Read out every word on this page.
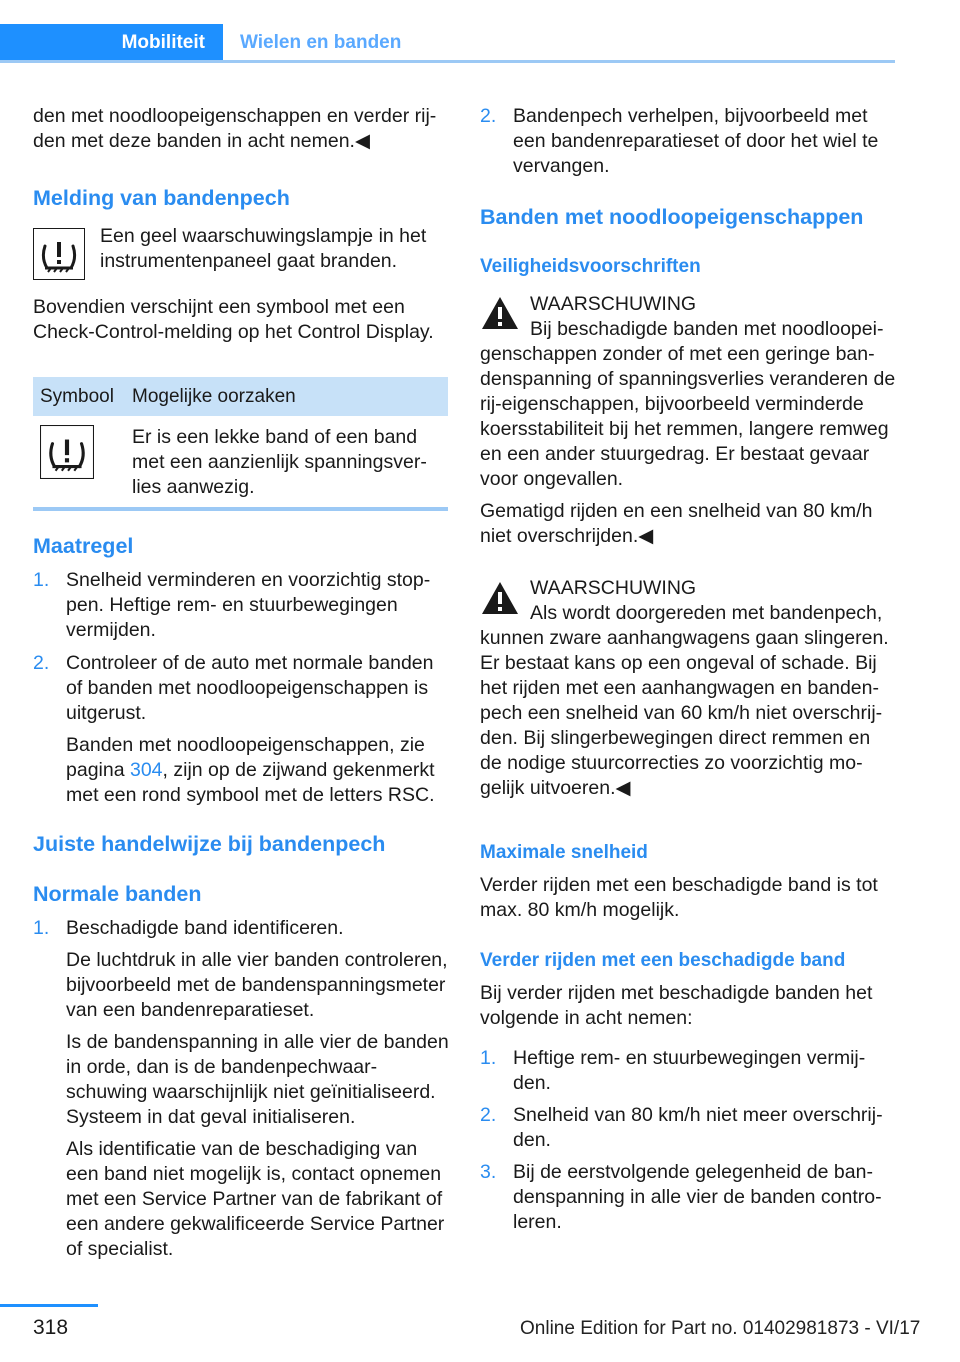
Mobiliteit	Wielen en banden

den met noodloopeigenschappen en verder rijden met deze banden in acht nemen.◀

Melding van bandenpech

Een geel waarschuwingslampje in het instrumentenpaneel gaat branden.

Bovendien verschijnt een symbool met een Check-Control-melding op het Control Display.

Symbool Mogelijke oorzaken

Er is een lekke band of een band met een aanzienlijk spanningsverlies aanwezig.

Maatregel
1. Snelheid verminderen en voorzichtig stoppen. Heftige rem- en stuurbewegingen vermijden.
2. Controleer of de auto met normale banden of banden met noodloopeigenschappen is uitgerust.
Banden met noodloopeigenschappen, zie pagina 304, zijn op de zijwand gekenmerkt met een rond symbool met de letters RSC.
Juiste handelwijze bij bandenpech
Normale banden
1. Beschadigde band identificeren.

De luchtdruk in alle vier banden controleren, bijvoorbeeld met de bandenspanningsmeter van een bandenreparatieset.

Is de bandenspanning in alle vier de banden in orde, dan is de bandenpechwaarschuwing waarschijnlijk niet geïnitialiseerd. Systeem in dat geval initialiseren.

Als identificatie van de beschadiging van een band niet mogelijk is, contact opnemen met een Service Partner van de fabrikant of een andere gekwalificeerde Service Partner of specialist.

2. Bandenpech verhelpen, bijvoorbeeld met een bandenreparatieset of door het wiel te vervangen.
Banden met noodloopeigenschappen
Veiligheidsvoorschriften
WAARSCHUWING

Bij beschadigde banden met noodloopeigenschappen zonder of met een geringe bandenspanning of spanningsverlies veranderen de rij-eigenschappen, bijvoorbeeld verminderde koersstabiliteit bij het remmen, langere remweg en een ander stuurgedrag. Er bestaat gevaar voor ongevallen.

Gematigd rijden en een snelheid van 80 km/h niet overschrijden.◀

WAARSCHUWING

Als wordt doorgereden met bandenpech, kunnen zware aanhangwagens gaan slingeren. Er bestaat kans op een ongeval of schade. Bij het rijden met een aanhangwagen en bandenpech een snelheid van 60 km/h niet overschrijden. Bij slingerbewegingen direct remmen en de nodige stuurcorrecties zo voorzichtig mogelijk uitvoeren.◀

Maximale snelheid

Verder rijden met een beschadigde band is tot max. 80 km/h mogelijk.

Verder rijden met een beschadigde band

Bij verder rijden met beschadigde banden het volgende in acht nemen:

1. Heftige rem- en stuurbewegingen vermijden.
2. Snelheid van 80 km/h niet meer overschrijden.
3. Bij de eerstvolgende gelegenheid de bandenspanning in alle vier de banden controleren.
318	Online Edition for Part no. 01402981873 - VI/17
